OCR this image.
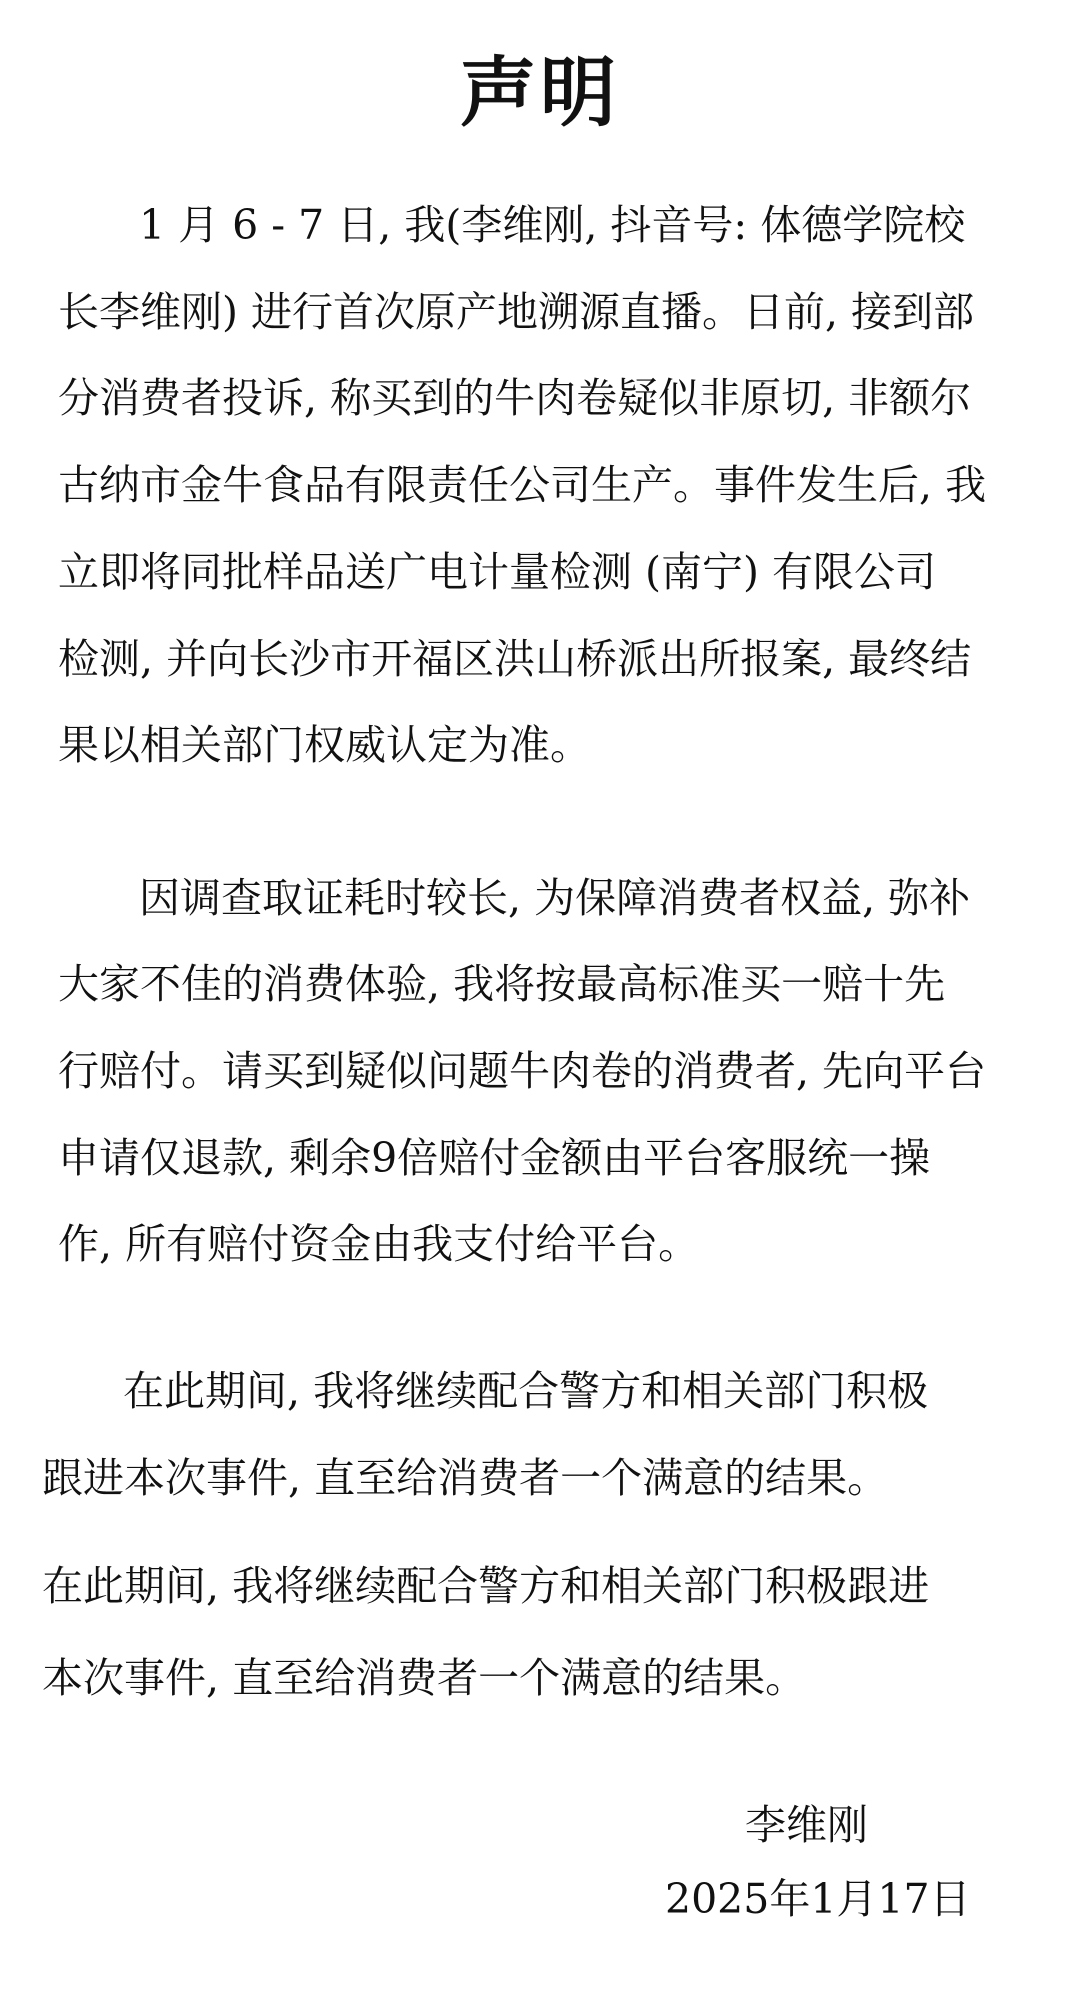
声明
1 月 6 - 7 日, 我(李维刚, 抖音号: 体德学院校
长李维刚) 进行首次原产地溯源直播。日前, 接到部
分消费者投诉, 称买到的牛肉卷疑似非原切, 非额尔
古纳市金牛食品有限责任公司生产。事件发生后, 我
立即将同批样品送广电计量检测 (南宁) 有限公司
检测, 并向长沙市开福区洪山桥派出所报案, 最终结
果以相关部门权威认定为准。
因调查取证耗时较长, 为保障消费者权益, 弥补
大家不佳的消费体验, 我将按最高标准买一赔十先
行赔付。请买到疑似问题牛肉卷的消费者, 先向平台
申请仅退款, 剩余9倍赔付金额由平台客服统一操
作, 所有赔付资金由我支付给平台。
在此期间, 我将继续配合警方和相关部门积极
跟进本次事件, 直至给消费者一个满意的结果。
在此期间, 我将继续配合警方和相关部门积极跟进
本次事件, 直至给消费者一个满意的结果。
李维刚
2025年1月17日
